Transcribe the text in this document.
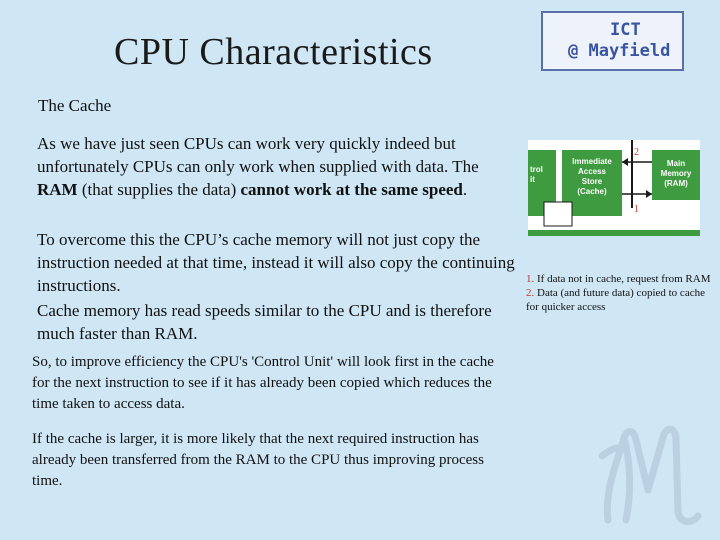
CPU Characteristics
ICT
@ Mayfield
The Cache
As we have just seen CPUs can work very quickly indeed but unfortunately CPUs can only work when supplied with data. The RAM (that supplies the data) cannot work at the same speed.
To overcome this the CPU’s cache memory will not just copy the instruction needed at that time, instead it will also copy the continuing instructions.
Cache memory has read speeds similar to the CPU and is therefore much faster than RAM.
So, to improve efficiency the CPU's 'Control Unit' will look first in the cache for the next instruction to see if it has already been copied which reduces the time taken to access data.
If the cache is larger, it is more likely that the next required instruction has already been transferred from the RAM to the CPU thus improving process time.
trol
it
Immediate
Access
Store
(Cache)
2
1
Main
Memory
(RAM)
1. If data not in cache, request from RAM
2. Data (and future data) copied to cache for quicker access
